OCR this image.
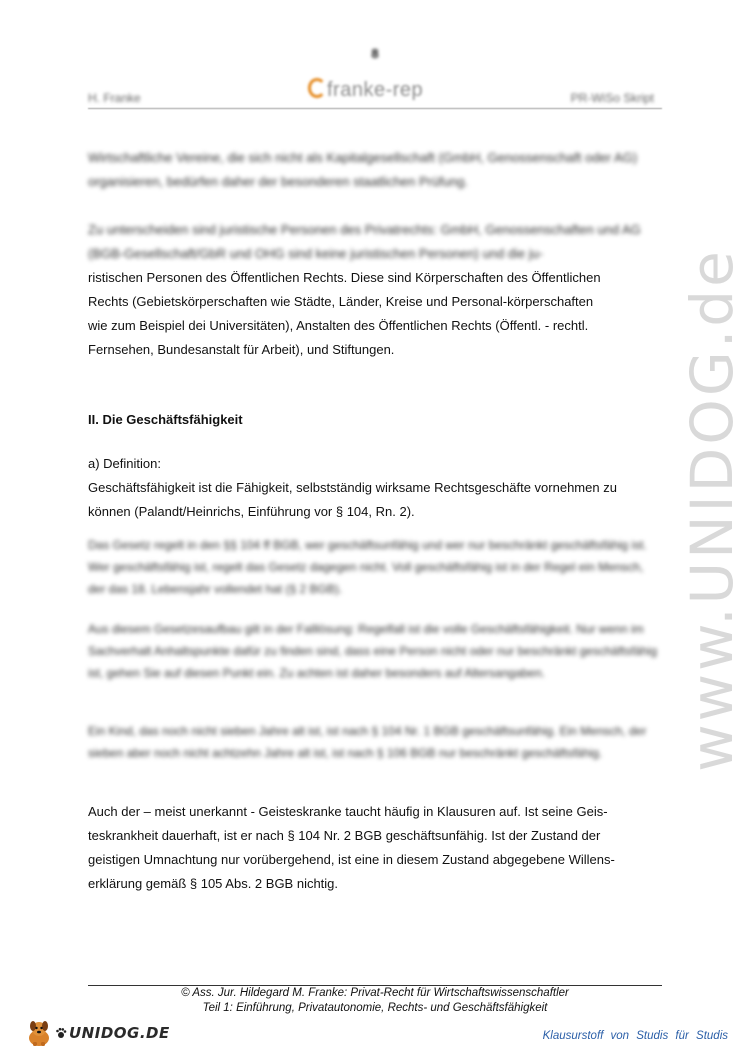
8
H. Franke	franke-rep	PR-WiSo Skript
www.UNIDOG.de
Wirtschaftliche Vereine, die sich nicht als Kapitalgesellschaft (GmbH, Genossenschaft oder AG) organisieren, bedürfen daher der besonderen staatlichen Prüfung.
Zu unterscheiden sind juristische Personen des Privatrechts: GmbH, Genossenschaften und AG (BGB-Gesellschaft/GbR und OHG sind keine juristischen Personen) und die ju-
ristischen Personen des Öffentlichen Rechts. Diese sind Körperschaften des Öffentlichen
Rechts (Gebietskörperschaften wie Städte, Länder, Kreise und Personal-körperschaften
wie zum Beispiel dei Universitäten), Anstalten des Öffentlichen Rechts (Öffentl. - rechtl.
Fernsehen, Bundesanstalt für Arbeit), und Stiftungen.
II. Die Geschäftsfähigkeit
a) Definition:
Geschäftsfähigkeit ist die Fähigkeit, selbstständig wirksame Rechtsgeschäfte vornehmen zu
können (Palandt/Heinrichs, Einführung vor § 104, Rn. 2).
Das Gesetz regelt in den §§ 104 ff BGB, wer geschäftsunfähig und wer nur beschränkt geschäftsfähig ist. Wer geschäftsfähig ist, regelt das Gesetz dagegen nicht. Voll geschäftsfähig ist in der Regel ein Mensch, der das 18. Lebensjahr vollendet hat (§ 2 BGB).
Aus diesem Gesetzesaufbau gilt in der Falllösung: Regelfall ist die volle Geschäftsfähigkeit. Nur wenn im Sachverhalt Anhaltspunkte dafür zu finden sind, dass eine Person nicht oder nur beschränkt geschäftsfähig ist, gehen Sie auf diesen Punkt ein. Zu achten ist daher besonders auf Altersangaben.
Ein Kind, das noch nicht sieben Jahre alt ist, ist nach § 104 Nr. 1 BGB geschäftsunfähig. Ein Mensch, der sieben aber noch nicht achtzehn Jahre alt ist, ist nach § 106 BGB nur beschränkt geschäftsfähig.
Auch der – meist unerkannt - Geisteskranke taucht häufig in Klausuren auf. Ist seine Geis-
teskrankheit dauerhaft, ist er nach § 104 Nr. 2 BGB geschäftsunfähig. Ist der Zustand der
geistigen Umnachtung nur vorübergehend, ist eine in diesem Zustand abgegebene Willens-
erklärung gemäß § 105 Abs. 2 BGB nichtig.
© Ass. Jur. Hildegard M. Franke: Privat-Recht für Wirtschaftswissenschaftler
Teil 1: Einführung, Privatautonomie, Rechts- und Geschäftsfähigkeit
UNIDOG.DE	Klausurstoff von Studis für Studis
